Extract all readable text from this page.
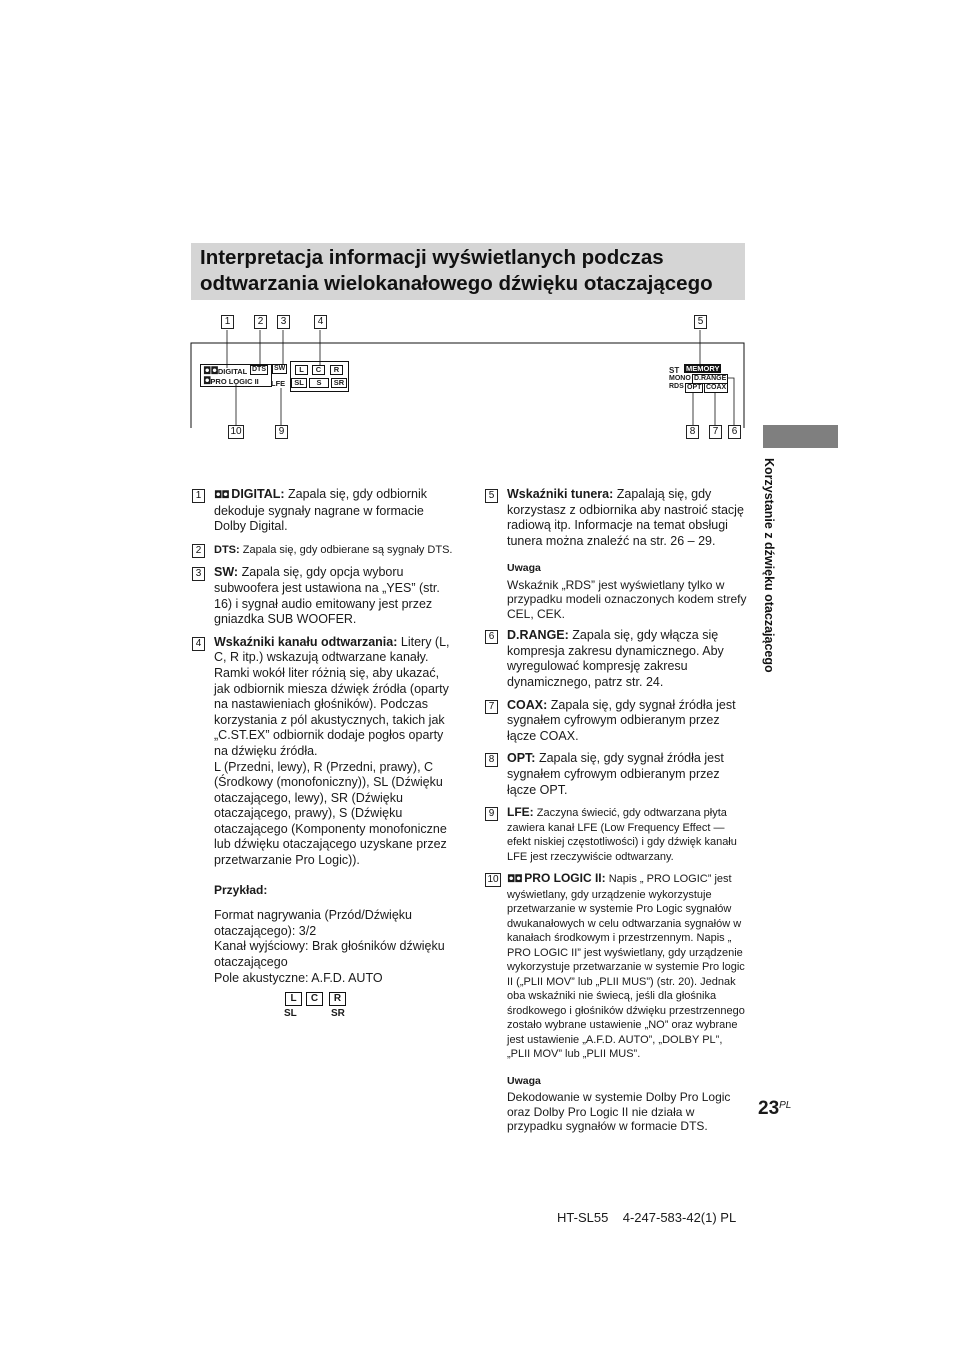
Interpretacja informacji wyświetlanych podczas
odtwarzania wielokanałowego dźwięku otaczającego
Korzystanie z dźwięku otaczającego
1	2	3	4	5
10	9	8	7	6
◘◘DIGITAL DTS
◘PRO LOGIC II
SW
LFE
L	C	R
SL	S	SR
ST MEMORY
MONO D.RANGE
RDS OPT COAX
1	◘◘ DIGITAL: Zapala się, gdy odbiornik dekoduje sygnały nagrane w formacie Dolby Digital.
2	DTS: Zapala się, gdy odbierane są sygnały DTS.
3 SW: Zapala się, gdy opcja wyboru subwoofera jest ustawiona na „YES” (str. 16) i sygnał audio emitowany jest przez gniazdka SUB WOOFER.
4 Wskaźniki kanału odtwarzania: Litery (L, C, R itp.) wskazują odtwarzane kanały. Ramki wokół liter różnią się, aby ukazać, jak odbiornik miesza dźwięk źródła (oparty na nastawieniach głośników). Podczas korzystania z pól akustycznych, takich jak „C.ST.EX” odbiornik dodaje pogłos oparty na dźwięku źródła.
L (Przedni, lewy), R (Przedni, prawy), C (Środkowy (monofoniczny)), SL (Dźwięku otaczającego, lewy), SR (Dźwięku otaczającego, prawy), S (Dźwięku otaczającego (Komponenty monofoniczne lub dźwięku otaczającego uzyskane przez przetwarzanie Pro Logic)).
Przykład:
Format nagrywania (Przód/Dźwięku otaczającego): 3/2
Kanał wyjściowy: Brak głośników dźwięku otaczającego
Pole akustyczne: A.F.D. AUTO
L	C	R
SL	SR
5 Wskaźniki tunera: Zapalają się, gdy korzystasz z odbiornika aby nastroić stację radiową itp. Informacje na temat obsługi tunera można znaleźć na str. 26 – 29.
Uwaga
Wskaźnik „RDS” jest wyświetlany tylko w przypadku modeli oznaczonych kodem strefy CEL, CEK.
6 D.RANGE: Zapala się, gdy włącza się kompresja zakresu dynamicznego. Aby wyregulować kompresję zakresu dynamicznego, patrz str. 24.
7 COAX: Zapala się, gdy sygnał źródła jest sygnałem cyfrowym odbieranym przez łącze COAX.
8 OPT: Zapala się, gdy sygnał źródła jest sygnałem cyfrowym odbieranym przez łącze OPT.
9	LFE: Zaczyna świecić, gdy odtwarzana płyta zawiera kanał LFE (Low Frequency Effect — efekt niskiej częstotliwości) i gdy dźwięk kanału LFE jest rzeczywiście odtwarzany.
10 ◘◘ PRO LOGIC II: Napis „ PRO LOGIC” jest wyświetlany, gdy urządzenie wykorzystuje przetwarzanie w systemie Pro Logic sygnałów dwukanałowych w celu odtwarzania sygnałów w kanałach środkowym i przestrzennym. Napis „ PRO LOGIC II” jest wyświetlany, gdy urządzenie wykorzystuje przetwarzanie w systemie Pro logic II („PLII MOV” lub „PLII MUS”) (str. 20). Jednak oba wskaźniki nie świecą, jeśli dla głośnika środkowego i głośników dźwięku przestrzennego zostało wybrane ustawienie „NO” oraz wybrane jest ustawienie „A.F.D. AUTO”, „DOLBY PL”, „PLII MOV” lub „PLII MUS”.
Uwaga
Dekodowanie w systemie Dolby Pro Logic oraz Dolby Pro Logic II nie działa w przypadku sygnałów w formacie DTS.
$23^{PL}$
HT-SL55    4-247-583-42(1) PL
